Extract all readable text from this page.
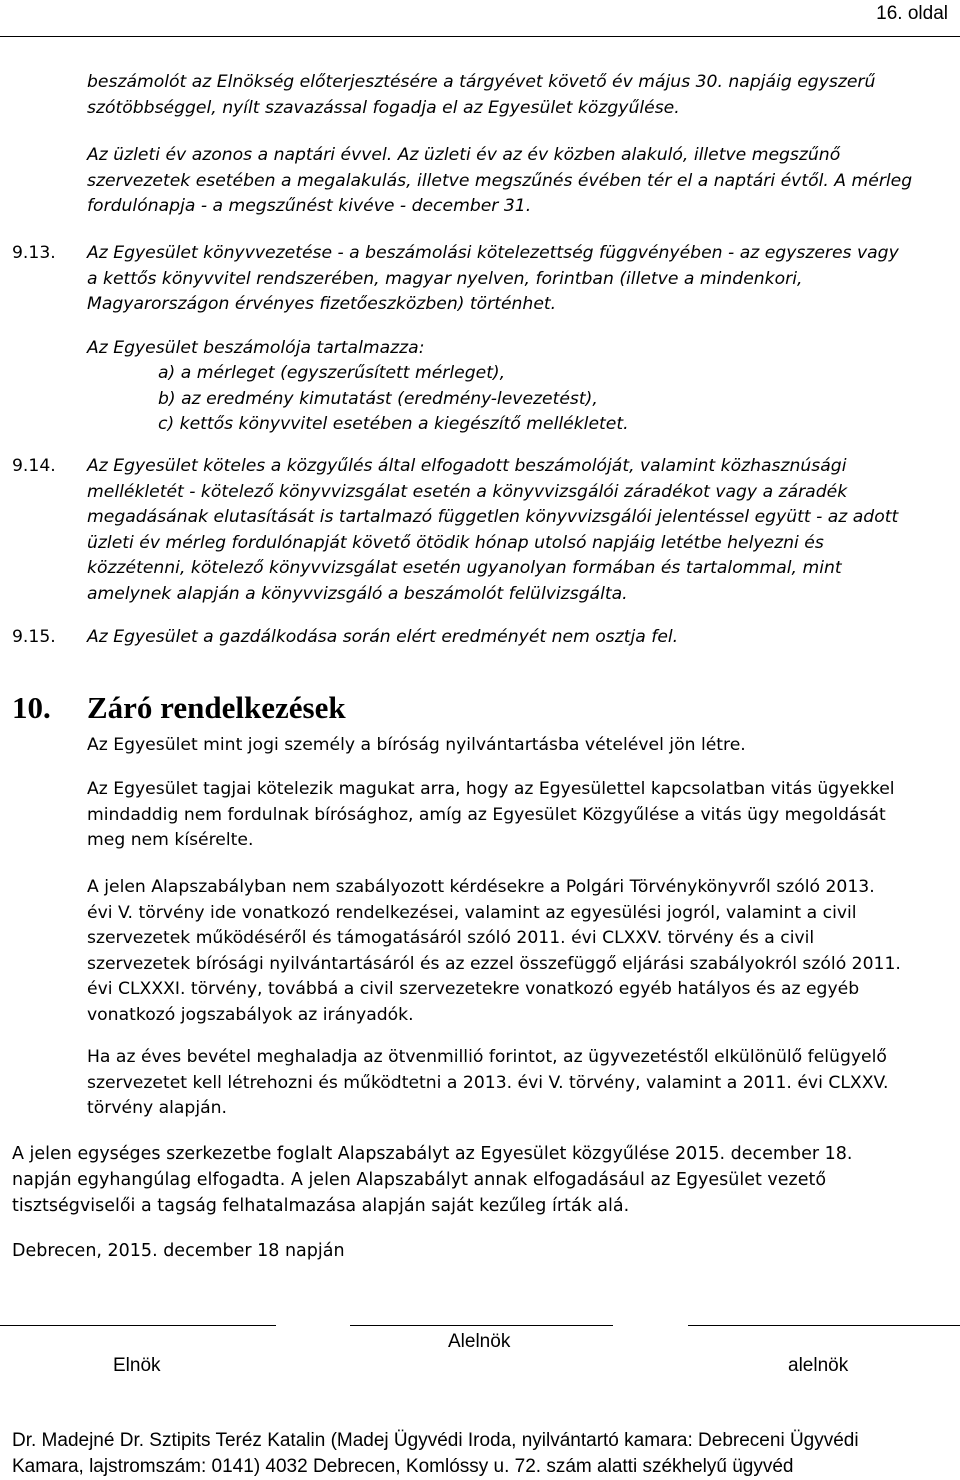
16. oldal

beszámolót az Elnökség előterjesztésére a tárgyévet követő év május 30. napjáig egyszerű

szótöbbséggel, nyílt szavazással fogadja el az Egyesület közgyűlése.

Az üzleti év azonos a naptári évvel. Az üzleti év az év közben alakuló, illetve megszűnő

szervezetek esetében a megalakulás, illetve megszűnés évében tér el a naptári évtől. A mérleg

fordulónapja - a megszűnést kivéve - december 31.

9.13. Az Egyesület könyvvezetése - a beszámolási kötelezettség függvényében - az egyszeres vagy

a kettős könyvvitel rendszerében, magyar nyelven, forintban (illetve a mindenkori,

Magyarországon érvényes fizetőeszközben) történhet.

Az Egyesület beszámolója tartalmazza:
a) a mérleget (egyszerűsített mérleget),
b) az eredmény kimutatást (eredmény-levezetést),
c) kettős könyvvitel esetében a kiegészítő mellékletet.
9.14. Az Egyesület köteles a közgyűlés által elfogadott beszámolóját, valamint közhasznúsági

mellékletét - kötelező könyvvizsgálat esetén a könyvvizsgálói záradékot vagy a záradék

megadásának elutasítását is tartalmazó független könyvvizsgálói jelentéssel együtt - az adott

üzleti év mérleg fordulónapját követő ötödik hónap utolsó napjáig letétbe helyezni és

közzétenni, kötelező könyvvizsgálat esetén ugyanolyan formában és tartalommal, mint

amelynek alapján a könyvvizsgáló a beszámolót felülvizsgálta.

9.15. Az Egyesület a gazdálkodása során elért eredményét nem osztja fel.
10. Záró rendelkezések
Az Egyesület mint jogi személy a bíróság nyilvántartásba vételével jön létre.

Az Egyesület tagjai kötelezik magukat arra, hogy az Egyesülettel kapcsolatban vitás ügyekkel

mindaddig nem fordulnak bírósághoz, amíg az Egyesület Közgyűlése a vitás ügy megoldását

meg nem kísérelte.

A jelen Alapszabályban nem szabályozott kérdésekre a Polgári Törvénykönyvről szóló 2013.

évi V. törvény ide vonatkozó rendelkezései, valamint az egyesülési jogról, valamint a civil

szervezetek működéséről és támogatásáról szóló 2011. évi CLXXV. törvény és a civil

szervezetek bírósági nyilvántartásáról és az ezzel összefüggő eljárási szabályokról szóló 2011.

évi CLXXXI. törvény, továbbá a civil szervezetekre vonatkozó egyéb hatályos és az egyéb

vonatkozó jogszabályok az irányadók.

Ha az éves bevétel meghaladja az ötvenmillió forintot, az ügyvezetéstől elkülönülő felügyelő

szervezetet kell létrehozni és működtetni a 2013. évi V. törvény, valamint a 2011. évi CLXXV.

törvény alapján.

A jelen egységes szerkezetbe foglalt Alapszabályt az Egyesület közgyűlése 2015. december 18.
napján egyhangúlag elfogadta. A jelen Alapszabályt annak elfogadásául az Egyesület vezető
tisztségviselői a tagság felhatalmazása alapján saját kezűleg írták alá.
Debrecen, 2015. december 18 napján
Elnök
Alelnök
alelnök
Dr. Madejné Dr. Sztipits Teréz Katalin (Madej Ügyvédi Iroda, nyilvántartó kamara: Debreceni Ügyvédi
Kamara, lajstromszám: 0141) 4032 Debrecen, Komlóssy u. 72. szám alatti székhelyű ügyvéd
